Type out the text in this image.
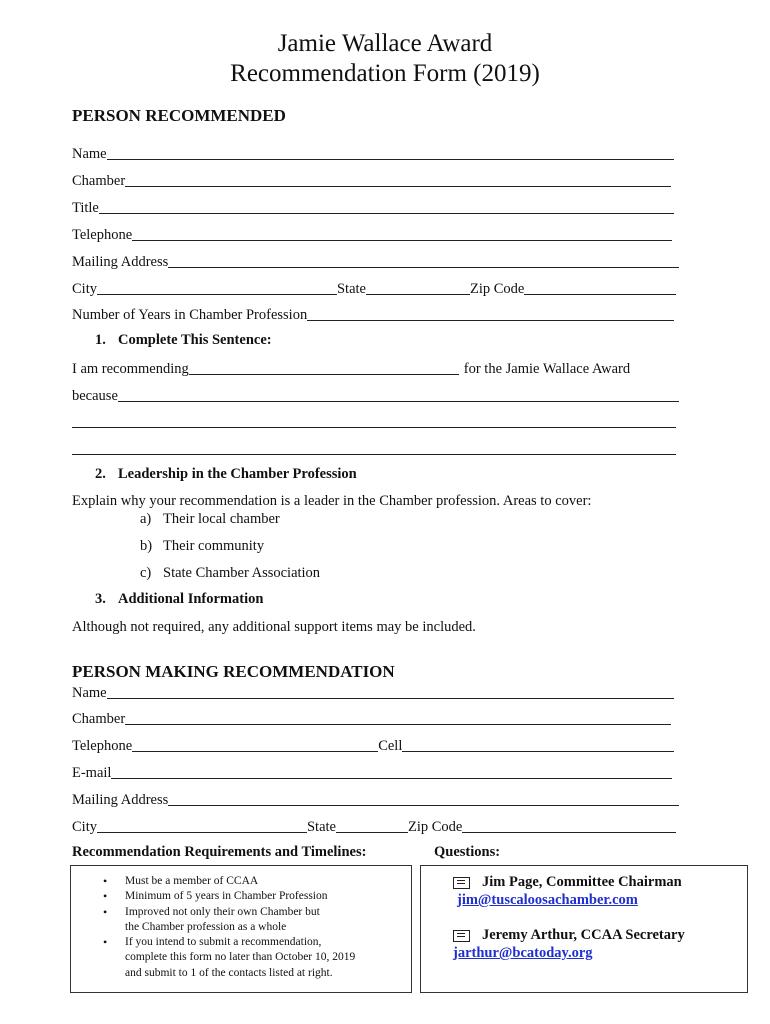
Jamie Wallace Award
Recommendation Form (2019)
PERSON RECOMMENDED
Name
Chamber
Title
Telephone
Mailing Address
City	State	Zip Code
Number of Years in Chamber Profession
1. Complete This Sentence:
I am recommending	for the Jamie Wallace Award
because
2. Leadership in the Chamber Profession
Explain why your recommendation is a leader in the Chamber profession. Areas to cover:
a) Their local chamber
b) Their community
c) State Chamber Association
3. Additional Information
Although not required, any additional support items may be included.
PERSON MAKING RECOMMENDATION
Name
Chamber
Telephone	Cell
E-mail
Mailing Address
City	State	Zip Code
Recommendation Requirements and Timelines:	Questions:
• Must be a member of CCAA
• Minimum of 5 years in Chamber Profession
• Improved not only their own Chamber but
the Chamber profession as a whole
• If you intend to submit a recommendation,
complete this form no later than October 10, 2019
and submit to 1 of the contacts listed at right.
Jim Page, Committee Chairman
jim@tuscaloosachamber.com
Jeremy Arthur, CCAA Secretary
jarthur@bcatoday.org
